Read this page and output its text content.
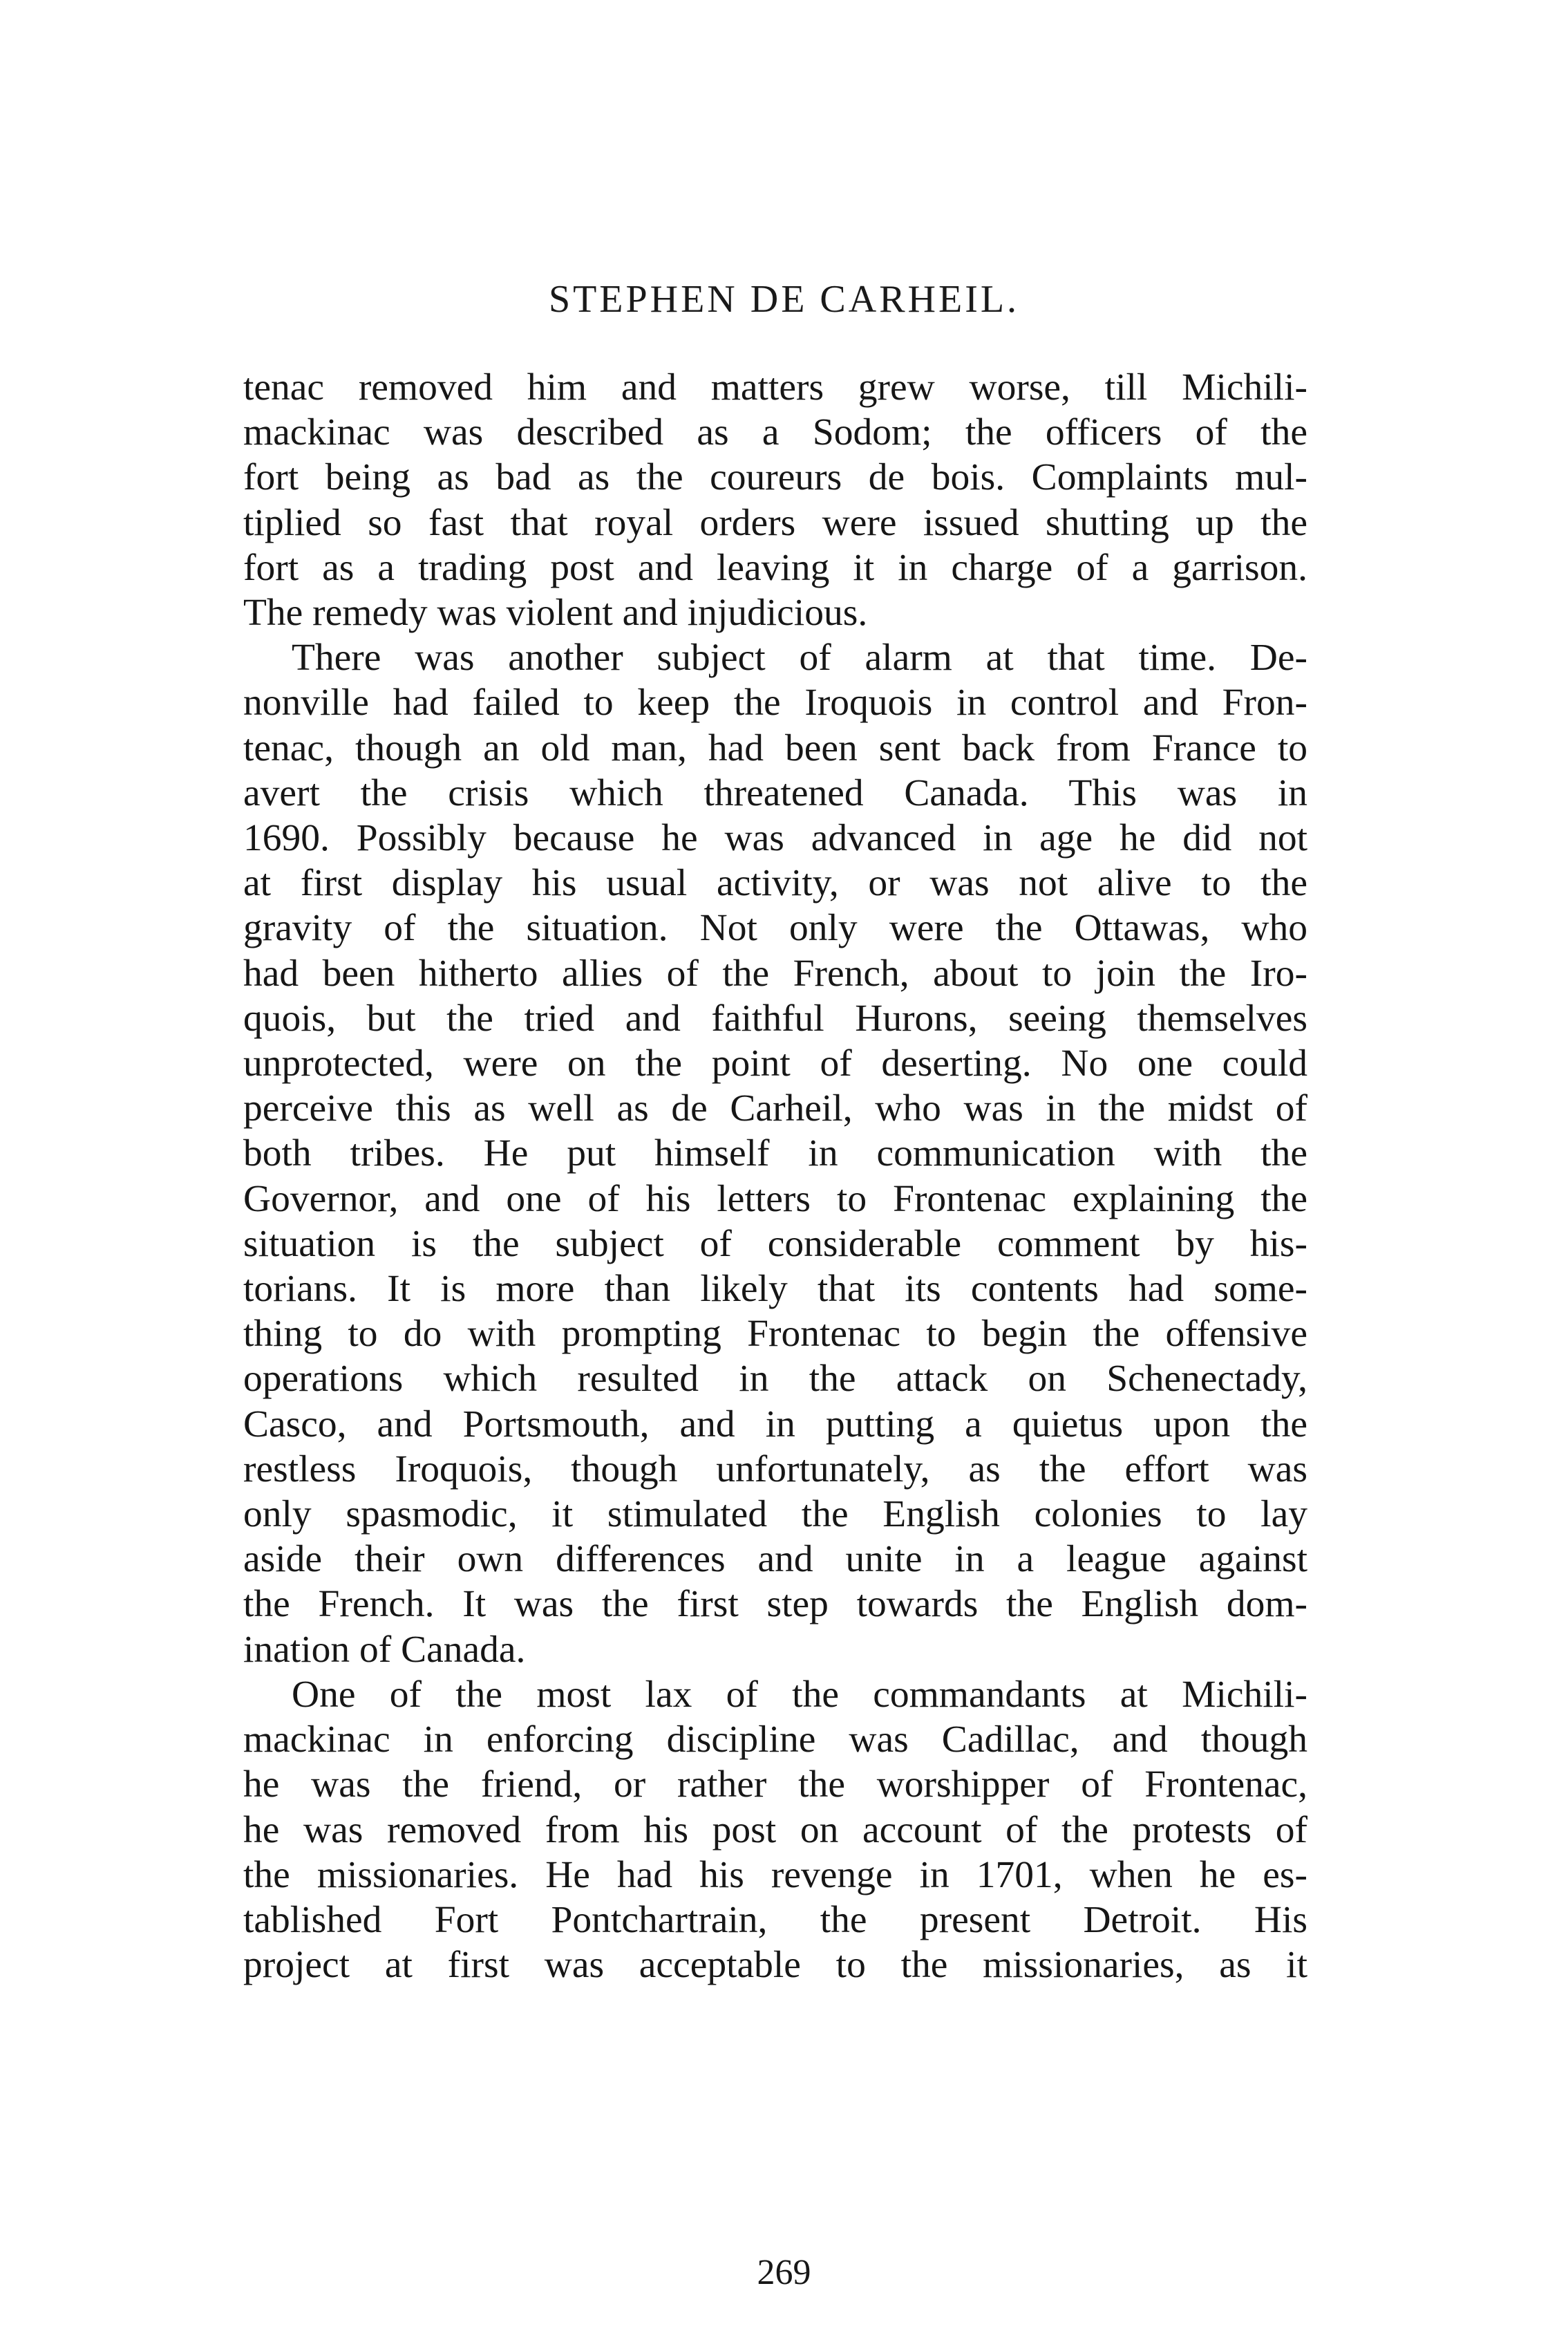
STEPHEN DE CARHEIL.
tenac removed him and matters grew worse, till Michili-
mackinac was described as a Sodom; the officers of the
fort being as bad as the coureurs de bois. Complaints mul-
tiplied so fast that royal orders were issued shutting up the
fort as a trading post and leaving it in charge of a garrison.
The remedy was violent and injudicious.
There was another subject of alarm at that time. De-
nonville had failed to keep the Iroquois in control and Fron-
tenac, though an old man, had been sent back from France to
avert the crisis which threatened Canada. This was in
1690. Possibly because he was advanced in age he did not
at first display his usual activity, or was not alive to the
gravity of the situation. Not only were the Ottawas, who
had been hitherto allies of the French, about to join the Iro-
quois, but the tried and faithful Hurons, seeing themselves
unprotected, were on the point of deserting. No one could
perceive this as well as de Carheil, who was in the midst of
both tribes. He put himself in communication with the
Governor, and one of his letters to Frontenac explaining the
situation is the subject of considerable comment by his-
torians. It is more than likely that its contents had some-
thing to do with prompting Frontenac to begin the offensive
operations which resulted in the attack on Schenectady,
Casco, and Portsmouth, and in putting a quietus upon the
restless Iroquois, though unfortunately, as the effort was
only spasmodic, it stimulated the English colonies to lay
aside their own differences and unite in a league against
the French. It was the first step towards the English dom-
ination of Canada.
One of the most lax of the commandants at Michili-
mackinac in enforcing discipline was Cadillac, and though
he was the friend, or rather the worshipper of Frontenac,
he was removed from his post on account of the protests of
the missionaries. He had his revenge in 1701, when he es-
tablished Fort Pontchartrain, the present Detroit. His
project at first was acceptable to the missionaries, as it
269
